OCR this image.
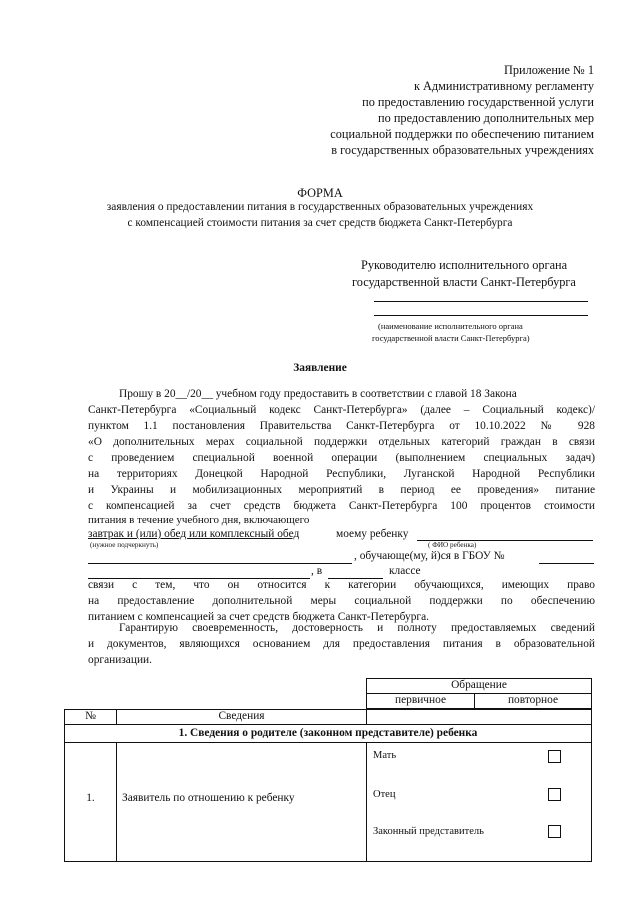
Приложение № 1
к Административному регламенту
по предоставлению государственной услуги
по предоставлению дополнительных мер
социальной поддержки по обеспечению питанием
в государственных образовательных учреждениях
ФОРМА
заявления о предоставлении питания в государственных образовательных учреждениях
с компенсацией стоимости питания за счет средств бюджета Санкт-Петербурга
Руководителю исполнительного органа
государственной власти Санкт-Петербурга
(наименование исполнительного органа
государственной власти Санкт-Петербурга)
Заявление
Прошу в 20__/20__ учебном году предоставить в соответствии с главой 18 Закона
Санкт-Петербурга «Социальный кодекс Санкт-Петербурга» (далее – Социальный кодекс)/
пунктом 1.1 постановления Правительства Санкт-Петербурга от 10.10.2022 № 928
«О дополнительных мерах социальной поддержки отдельных категорий граждан в связи
с проведением специальной военной операции (выполнением специальных задач)
на территориях Донецкой Народной Республики, Луганской Народной Республики
и Украины и мобилизационных мероприятий в период ее проведения» питание
с компенсацией за счет средств бюджета Санкт-Петербурга 100 процентов стоимости
питания в течение учебного дня, включающего
завтрак и (или) обед или комплексный обед	моему ребенку
(нужное подчеркнуть)	( ФИО ребенка)
, обучающе(му, й)ся в ГБОУ №
, в	классе
связи с тем, что он относится к категории обучающихся, имеющих право
на предоставление дополнительной меры социальной поддержки по обеспечению
питанием с компенсацией за счет средств бюджета Санкт-Петербурга.
Гарантирую своевременность, достоверность и полноту предоставляемых сведений
и документов, являющихся основанием для предоставления питания в образовательной
организации.
Обращение
первичное	повторное
№	Сведения
1. Сведения о родителе (законном представителе) ребенка
1.	Заявитель по отношению к ребенку
Мать
Отец
Законный представитель
